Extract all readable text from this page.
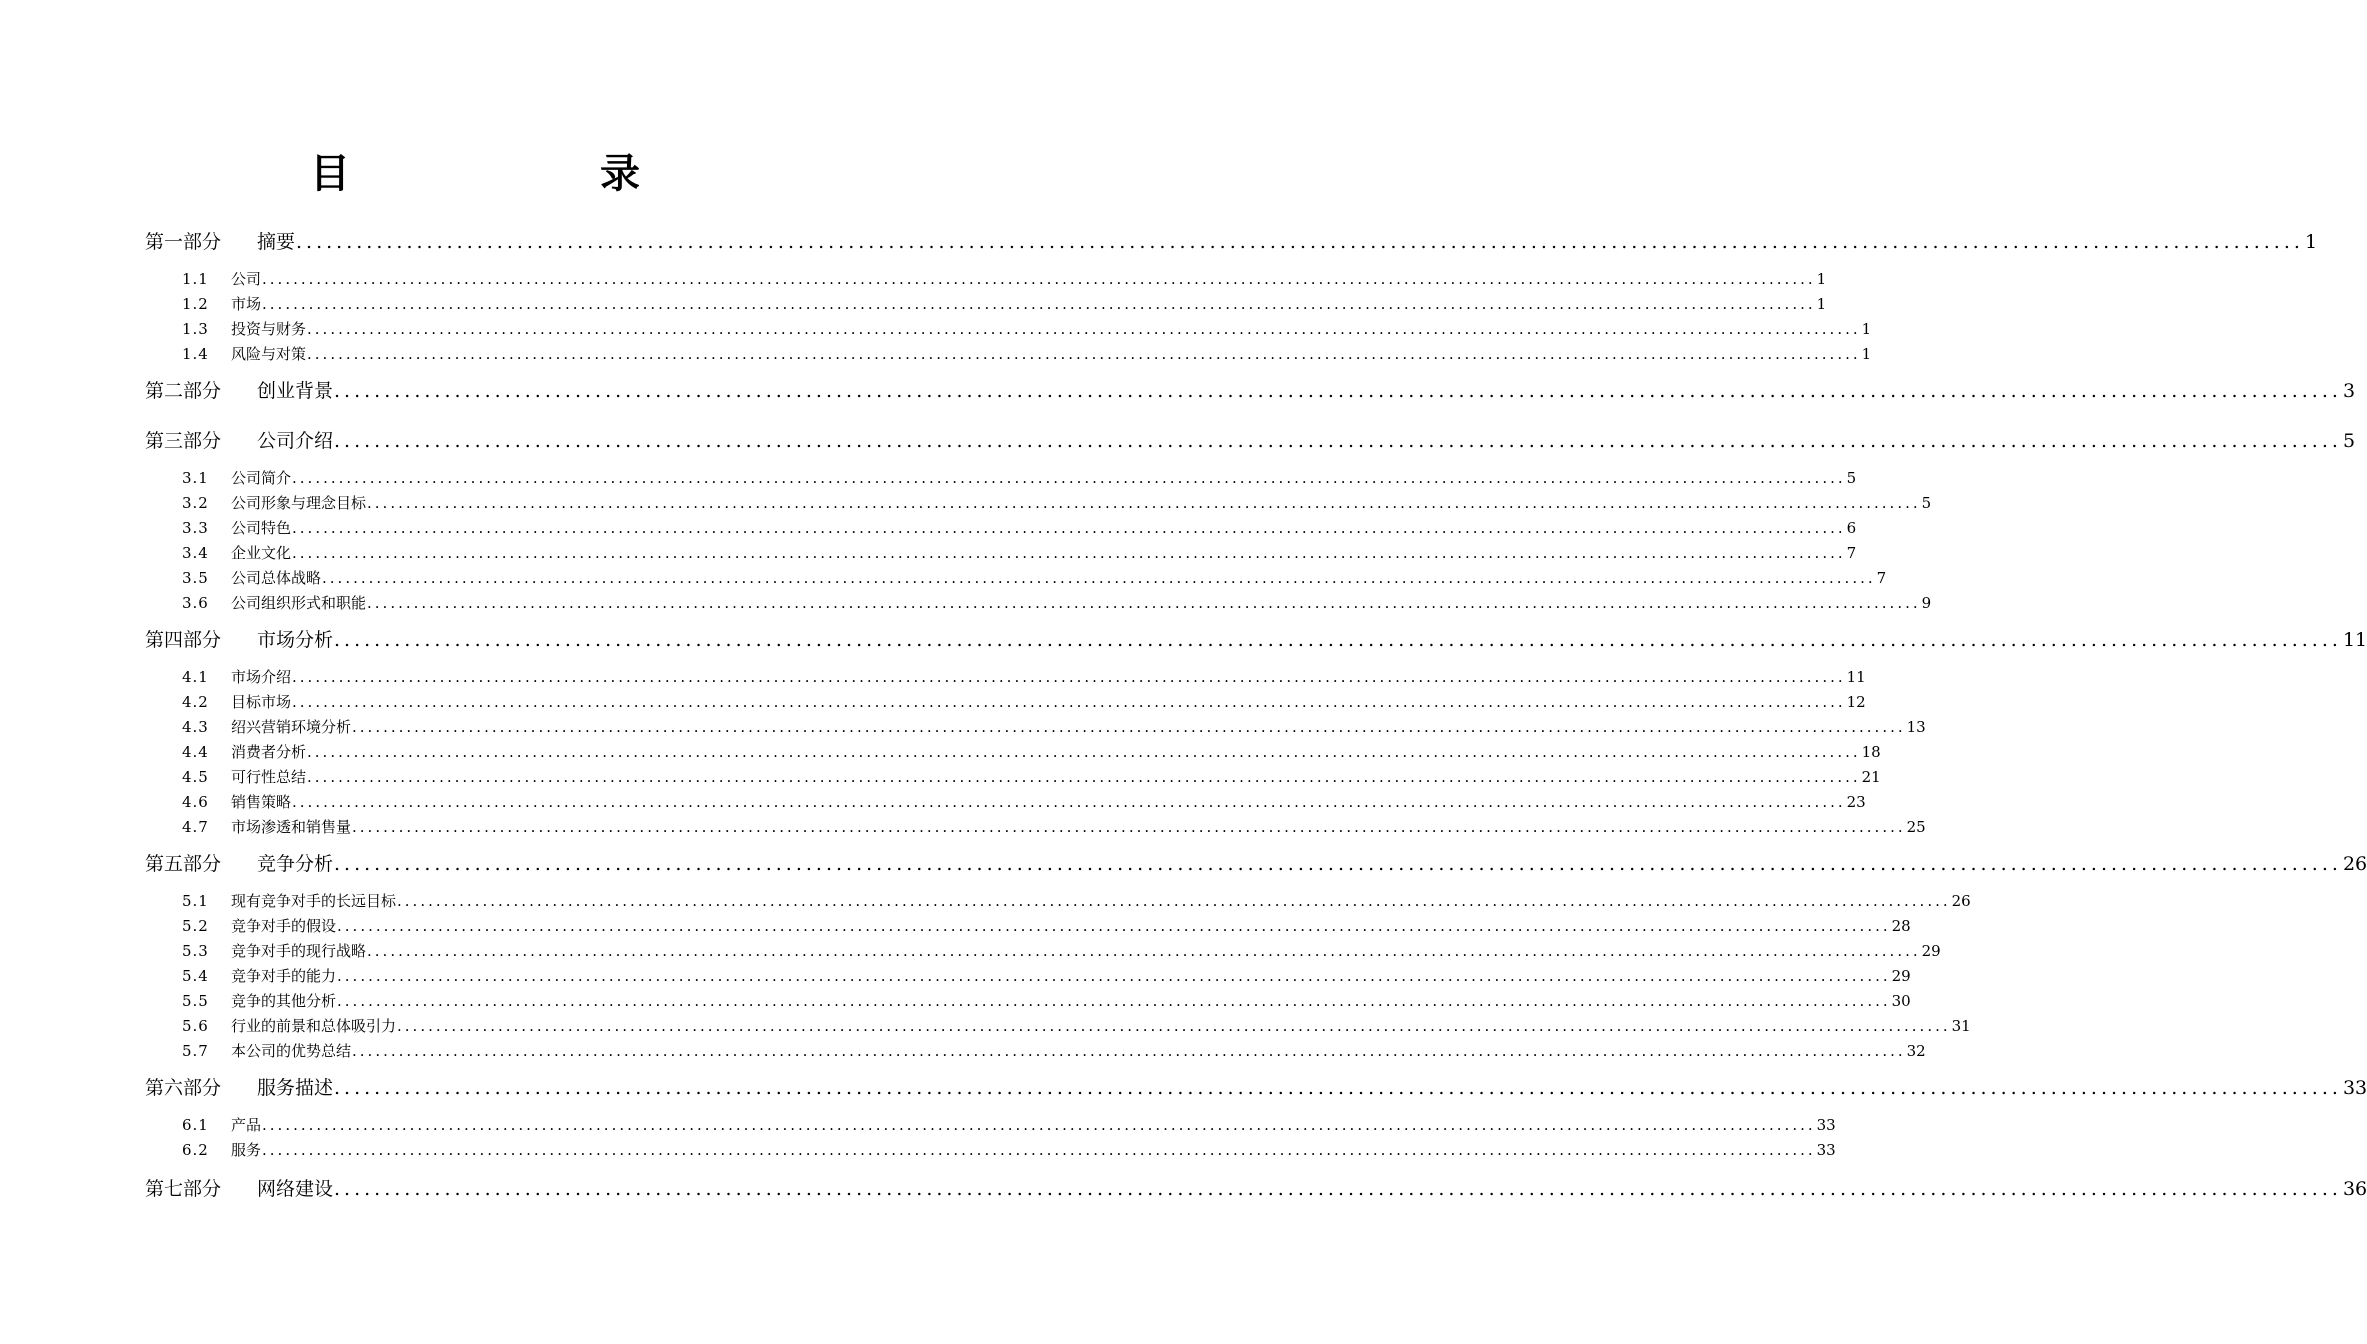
目 录
第一部分	摘要 ........................................................................................................................................................................................................ 1
1.1	公司 ........................................................................................................................................................................................................ 1
1.2	市场 ........................................................................................................................................................................................................ 1
1.3	投资与财务 ........................................................................................................................................................................................................ 1
1.4	风险与对策 ........................................................................................................................................................................................................ 1
第二部分	创业背景 ........................................................................................................................................................................................................ 3
第三部分	公司介绍 ........................................................................................................................................................................................................ 5
3.1	公司简介 ........................................................................................................................................................................................................ 5
3.2	公司形象与理念目标 ........................................................................................................................................................................................................ 5
3.3	公司特色 ........................................................................................................................................................................................................ 6
3.4	企业文化 ........................................................................................................................................................................................................ 7
3.5	公司总体战略 ........................................................................................................................................................................................................ 7
3.6	公司组织形式和职能 ........................................................................................................................................................................................................ 9
第四部分	市场分析 ........................................................................................................................................................................................................ 11
4.1	市场介绍 ........................................................................................................................................................................................................ 11
4.2	目标市场 ........................................................................................................................................................................................................ 12
4.3	绍兴营销环境分析 ........................................................................................................................................................................................................ 13
4.4	消费者分析 ........................................................................................................................................................................................................ 18
4.5	可行性总结 ........................................................................................................................................................................................................ 21
4.6	销售策略 ........................................................................................................................................................................................................ 23
4.7	市场渗透和销售量 ........................................................................................................................................................................................................ 25
第五部分	竞争分析 ........................................................................................................................................................................................................ 26
5.1	现有竞争对手的长远目标 ........................................................................................................................................................................................................ 26
5.2	竞争对手的假设 ........................................................................................................................................................................................................ 28
5.3	竞争对手的现行战略 ........................................................................................................................................................................................................ 29
5.4	竞争对手的能力 ........................................................................................................................................................................................................ 29
5.5	竞争的其他分析 ........................................................................................................................................................................................................ 30
5.6	行业的前景和总体吸引力 ........................................................................................................................................................................................................ 31
5.7	本公司的优势总结 ........................................................................................................................................................................................................ 32
第六部分	服务描述 ........................................................................................................................................................................................................ 33
6.1	产品 ........................................................................................................................................................................................................ 33
6.2	服务 ........................................................................................................................................................................................................ 33
第七部分	网络建设 ........................................................................................................................................................................................................ 36
